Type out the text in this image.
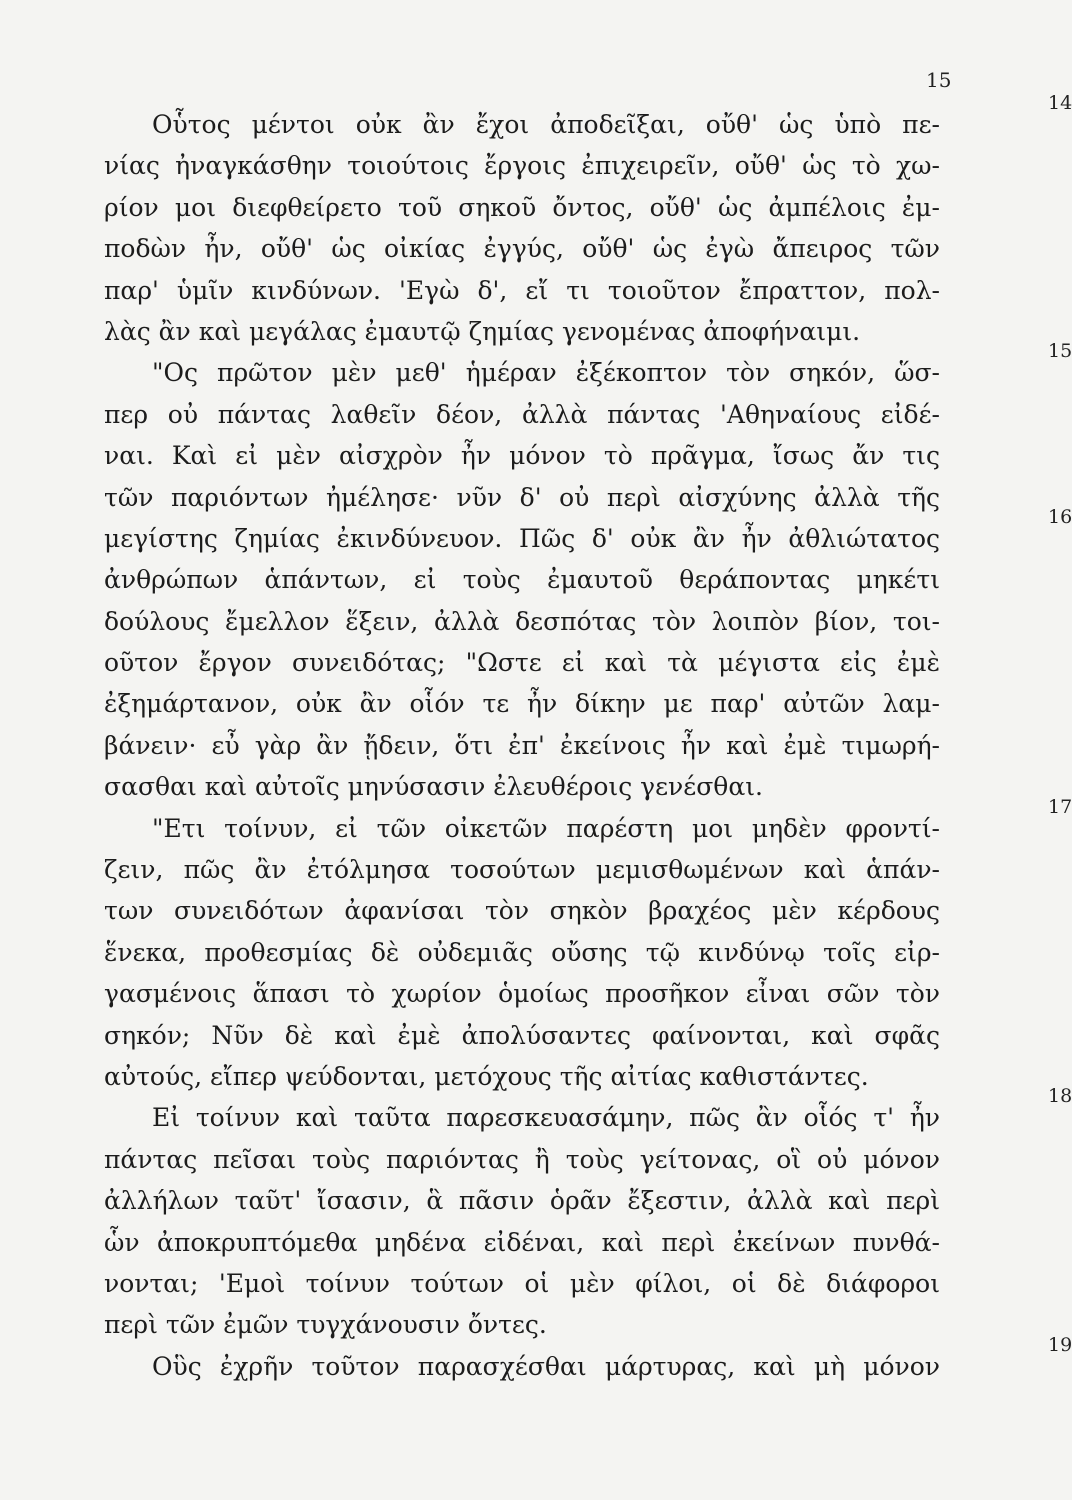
15
Οὗτος μέντοι οὐκ ἂν ἔχοι ἀποδεῖξαι, οὔθ' ὡς ὑπὸ πε-
14
νίας ἠναγκάσθην τοιούτοις ἔργοις ἐπιχειρεῖν, οὔθ' ὡς τὸ χω-
ρίον μοι διεφθείρετο τοῦ σηκοῦ ὄντος, οὔθ' ὡς ἀμπέλοις ἐμ-
ποδὼν ἦν, οὔθ' ὡς οἰκίας ἐγγύς, οὔθ' ὡς ἐγὼ ἄπειρος τῶν
παρ' ὑμῖν κινδύνων. 'Εγὼ δ', εἴ τι τοιοῦτον ἔπραττον, πολ-
λὰς ἂν καὶ μεγάλας ἐμαυτῷ ζημίας γενομένας ἀποφήναιμι.
"Ος πρῶτον μὲν μεθ' ἡμέραν ἐξέκοπτον τὸν σηκόν, ὥσ-
15
περ οὐ πάντας λαθεῖν δέον, ἀλλὰ πάντας 'Αθηναίους εἰδέ-
ναι. Καὶ εἰ μὲν αἰσχρὸν ἦν μόνον τὸ πρᾶγμα, ἴσως ἄν τις
τῶν παριόντων ἠμέλησε· νῦν δ' οὐ περὶ αἰσχύνης ἀλλὰ τῆς
μεγίστης ζημίας ἐκινδύνευον. Πῶς δ' οὐκ ἂν ἦν ἀθλιώτατος
16
ἀνθρώπων ἁπάντων, εἰ τοὺς ἐμαυτοῦ θεράποντας μηκέτι
δούλους ἔμελλον ἕξειν, ἀλλὰ δεσπότας τὸν λοιπὸν βίον, τοι-
οῦτον ἔργον συνειδότας; "Ωστε εἰ καὶ τὰ μέγιστα εἰς ἐμὲ
ἐξημάρτανον, οὐκ ἂν οἷόν τε ἦν δίκην με παρ' αὐτῶν λαμ-
βάνειν· εὖ γὰρ ἂν ᾔδειν, ὅτι ἐπ' ἐκείνοις ἦν καὶ ἐμὲ τιμωρή-
σασθαι καὶ αὐτοῖς μηνύσασιν ἐλευθέροις γενέσθαι.
"Ετι τοίνυν, εἰ τῶν οἰκετῶν παρέστη μοι μηδὲν φροντί-
17
ζειν, πῶς ἂν ἐτόλμησα τοσούτων μεμισθωμένων καὶ ἁπάν-
των συνειδότων ἀφανίσαι τὸν σηκὸν βραχέος μὲν κέρδους
ἕνεκα, προθεσμίας δὲ οὐδεμιᾶς οὔσης τῷ κινδύνῳ τοῖς εἰρ-
γασμένοις ἅπασι τὸ χωρίον ὁμοίως προσῆκον εἶναι σῶν τὸν
σηκόν; Νῦν δὲ καὶ ἐμὲ ἀπολύσαντες φαίνονται, καὶ σφᾶς
αὐτούς, εἴπερ ψεύδονται, μετόχους τῆς αἰτίας καθιστάντες.
Εἰ τοίνυν καὶ ταῦτα παρεσκευασάμην, πῶς ἂν οἷός τ' ἦν
18
πάντας πεῖσαι τοὺς παριόντας ἢ τοὺς γείτονας, οἳ οὐ μόνον
ἀλλήλων ταῦτ' ἴσασιν, ἃ πᾶσιν ὁρᾶν ἔξεστιν, ἀλλὰ καὶ περὶ
ὧν ἀποκρυπτόμεθα μηδένα εἰδέναι, καὶ περὶ ἐκείνων πυνθά-
νονται; 'Εμοὶ τοίνυν τούτων οἱ μὲν φίλοι, οἱ δὲ διάφοροι
περὶ τῶν ἐμῶν τυγχάνουσιν ὄντες.
Οὓς ἐχρῆν τοῦτον παρασχέσθαι μάρτυρας, καὶ μὴ μόνον
19
